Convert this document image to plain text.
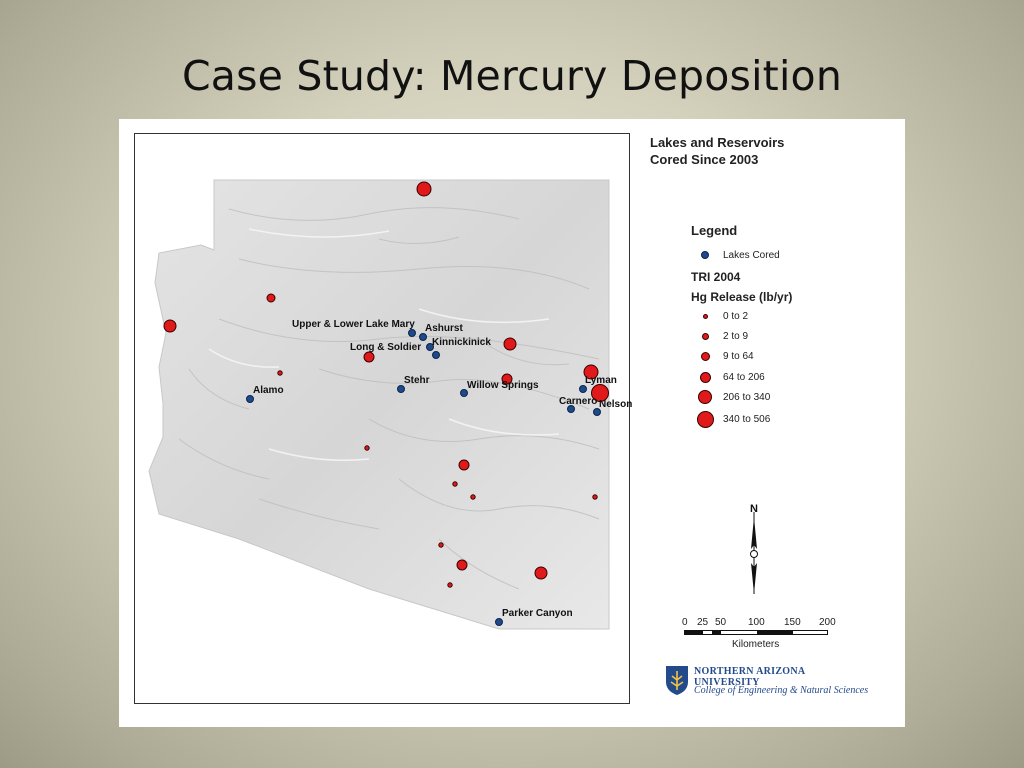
Case Study: Mercury Deposition
Upper & Lower Lake Mary Ashurst
Kinnickinick
Long & Soldier
Stehr	Willow Springs
Alamo
Lyman
Carnero Nelson
Parker Canyon
N
Lakes and Reservoirs
Cored Since 2003
Legend
Lakes Cored
TRI 2004
Hg Release (lb/yr)
0 to 2
2 to 9
9 to 64
64 to 206
206 to 340
340 to 506
0 25 50 100 150 200
Kilometers
NORTHERN ARIZONA
UNIVERSITY
College of Engineering & Natural Sciences
